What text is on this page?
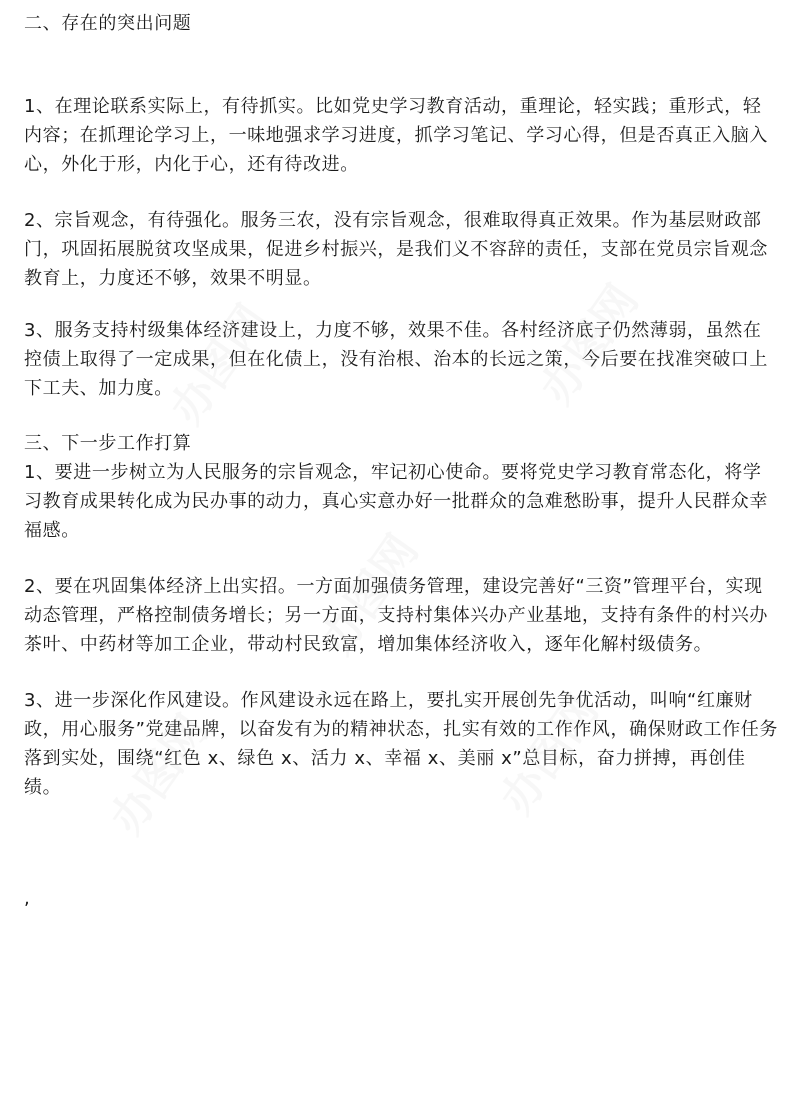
二、存在的突出问题

1、在理论联系实际上，有待抓实。比如党史学习教育活动，重理论，轻实践；重形式，轻内容；在抓理论学习上，一味地强求学习进度，抓学习笔记、学习心得，但是否真正入脑入心，外化于形，内化于心，还有待改进。

2、宗旨观念，有待强化。服务三农，没有宗旨观念，很难取得真正效果。作为基层财政部门，巩固拓展脱贫攻坚成果，促进乡村振兴，是我们义不容辞的责任，支部在党员宗旨观念教育上，力度还不够，效果不明显。

3、服务支持村级集体经济建设上，力度不够，效果不佳。各村经济底子仍然薄弱，虽然在控债上取得了一定成果，但在化债上，没有治根、治本的长远之策，今后要在找准突破口上下工夫、加力度。

三、下一步工作打算

1、要进一步树立为人民服务的宗旨观念，牢记初心使命。要将党史学习教育常态化，将学习教育成果转化成为民办事的动力，真心实意办好一批群众的急难愁盼事，提升人民群众幸福感。

2、要在巩固集体经济上出实招。一方面加强债务管理，建设完善好“三资”管理平台，实现动态管理，严格控制债务增长；另一方面，支持村集体兴办产业基地，支持有条件的村兴办茶叶、中药材等加工企业，带动村民致富，增加集体经济收入，逐年化解村级债务。

3、进一步深化作风建设。作风建设永远在路上，要扎实开展创先争优活动，叫响“红廉财政，用心服务”党建品牌，以奋发有为的精神状态，扎实有效的工作作风，确保财政工作任务落到实处，围绕“红色 x、绿色 x、活力 x、幸福 x、美丽 x”总目标，奋力拼搏，再创佳绩。

,

办图网	办图网
办图网
办图网
办图网
